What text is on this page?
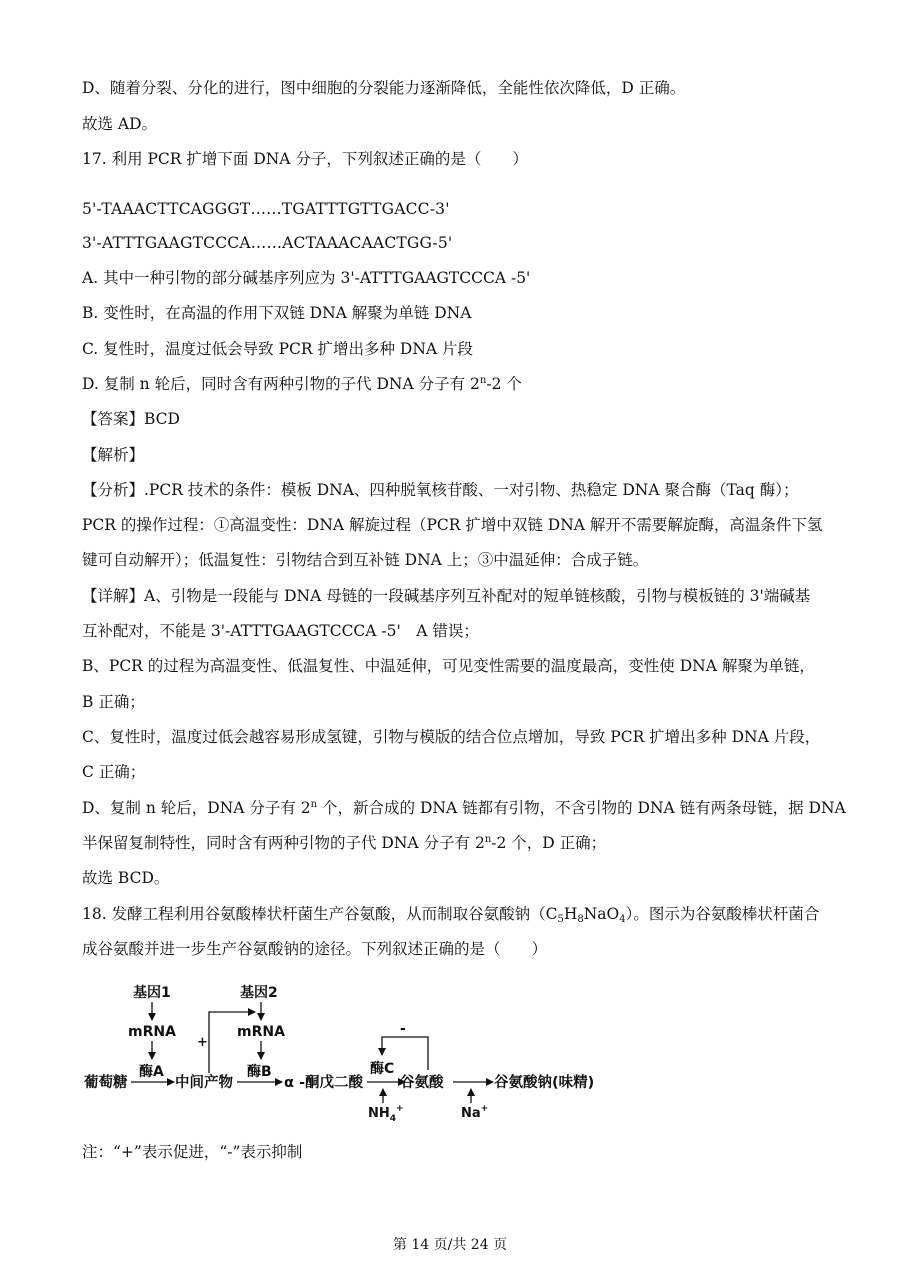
D、随着分裂、分化的进行，图中细胞的分裂能力逐渐降低，全能性依次降低，D 正确。
故选 AD。
17. 利用 PCR 扩增下面 DNA 分子，下列叙述正确的是（　　）
5'-TAAACTTCAGGGT……TGATTTGTTGACC-3'
3'-ATTTGAAGTCCCA……ACTAAACAACTGG-5'
A. 其中一种引物的部分碱基序列应为 3'-ATTTGAAGTCCCA -5'
B. 变性时，在高温的作用下双链 DNA 解聚为单链 DNA
C. 复性时，温度过低会导致 PCR 扩增出多种 DNA 片段
D. 复制 n 轮后，同时含有两种引物的子代 DNA 分子有 2$^n$-2 个
【答案】BCD
【解析】
【分析】.PCR 技术的条件：模板 DNA、四种脱氧核苷酸、一对引物、热稳定 DNA 聚合酶（Taq 酶）；
PCR 的操作过程：①高温变性：DNA 解旋过程（PCR 扩增中双链 DNA 解开不需要解旋酶，高温条件下氢
键可自动解开）；低温复性：引物结合到互补链 DNA 上；③中温延伸：合成子链。
【详解】A、引物是一段能与 DNA 母链的一段碱基序列互补配对的短单链核酸，引物与模板链的 3'端碱基
互补配对，不能是 3'-ATTTGAAGTCCCA -5'　A 错误；
B、PCR 的过程为高温变性、低温复性、中温延伸，可见变性需要的温度最高，变性使 DNA 解聚为单链，
B 正确；
C、复性时，温度过低会越容易形成氢键，引物与模版的结合位点增加，导致 PCR 扩增出多种 DNA 片段，
C 正确；
D、复制 n 轮后，DNA 分子有 2$^n$ 个，新合成的 DNA 链都有引物，不含引物的 DNA 链有两条母链，据 DNA
半保留复制特性，同时含有两种引物的子代 DNA 分子有 2$^n$-2 个，D 正确；
故选 BCD。
18. 发酵工程利用谷氨酸棒状杆菌生产谷氨酸，从而制取谷氨酸钠$(C_5H_8NaO_4)$。图示为谷氨酸棒状杆菌合
成谷氨酸并进一步生产谷氨酸钠的途径。下列叙述正确的是（　　）
基因1
mRNA
酶A
基因2
mRNA
酶B
+
葡萄糖	中间产物	α -酮戊二酸
酶C
谷氨酸
-
谷氨酸钠(味精)
$NH_4^+$	Na+
注：“+”表示促进，“-”表示抑制
第 14 页/共 24 页
